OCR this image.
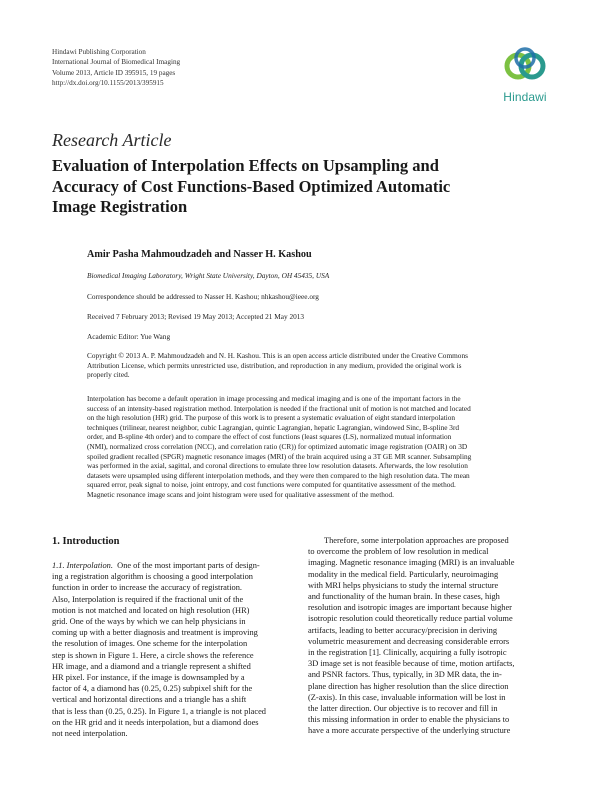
Hindawi Publishing Corporation
International Journal of Biomedical Imaging
Volume 2013, Article ID 395915, 19 pages
http://dx.doi.org/10.1155/2013/395915
Hindawi
Research Article
Evaluation of Interpolation Effects on Upsampling and
Accuracy of Cost Functions-Based Optimized Automatic
Image Registration
Amir Pasha Mahmoudzadeh and Nasser H. Kashou
Biomedical Imaging Laboratory, Wright State University, Dayton, OH 45435, USA
Correspondence should be addressed to Nasser H. Kashou; nhkashou@ieee.org
Received 7 February 2013; Revised 19 May 2013; Accepted 21 May 2013
Academic Editor: Yue Wang
Copyright © 2013 A. P. Mahmoudzadeh and N. H. Kashou. This is an open access article distributed under the Creative Commons
Attribution License, which permits unrestricted use, distribution, and reproduction in any medium, provided the original work is
properly cited.
Interpolation has become a default operation in image processing and medical imaging and is one of the important factors in the
success of an intensity-based registration method. Interpolation is needed if the fractional unit of motion is not matched and located
on the high resolution (HR) grid. The purpose of this work is to present a systematic evaluation of eight standard interpolation
techniques (trilinear, nearest neighbor, cubic Lagrangian, quintic Lagrangian, hepatic Lagrangian, windowed Sinc, B-spline 3rd
order, and B-spline 4th order) and to compare the effect of cost functions (least squares (LS), normalized mutual information
(NMI), normalized cross correlation (NCC), and correlation ratio (CR)) for optimized automatic image registration (OAIR) on 3D
spoiled gradient recalled (SPGR) magnetic resonance images (MRI) of the brain acquired using a 3T GE MR scanner. Subsampling
was performed in the axial, sagittal, and coronal directions to emulate three low resolution datasets. Afterwards, the low resolution
datasets were upsampled using different interpolation methods, and they were then compared to the high resolution data. The mean
squared error, peak signal to noise, joint entropy, and cost functions were computed for quantitative assessment of the method.
Magnetic resonance image scans and joint histogram were used for qualitative assessment of the method.
1. Introduction
1.1. Interpolation. One of the most important parts of design-
ing a registration algorithm is choosing a good interpolation
function in order to increase the accuracy of registration.
Also, Interpolation is required if the fractional unit of the
motion is not matched and located on high resolution (HR)
grid. One of the ways by which we can help physicians in
coming up with a better diagnosis and treatment is improving
the resolution of images. One scheme for the interpolation
step is shown in Figure 1. Here, a circle shows the reference
HR image, and a diamond and a triangle represent a shifted
HR pixel. For instance, if the image is downsampled by a
factor of 4, a diamond has (0.25, 0.25) subpixel shift for the
vertical and horizontal directions and a triangle has a shift
that is less than (0.25, 0.25). In Figure 1, a triangle is not placed
on the HR grid and it needs interpolation, but a diamond does
not need interpolation.
Therefore, some interpolation approaches are proposed
to overcome the problem of low resolution in medical
imaging. Magnetic resonance imaging (MRI) is an invaluable
modality in the medical field. Particularly, neuroimaging
with MRI helps physicians to study the internal structure
and functionality of the human brain. In these cases, high
resolution and isotropic images are important because higher
isotropic resolution could theoretically reduce partial volume
artifacts, leading to better accuracy/precision in deriving
volumetric measurement and decreasing considerable errors
in the registration [1]. Clinically, acquiring a fully isotropic
3D image set is not feasible because of time, motion artifacts,
and PSNR factors. Thus, typically, in 3D MR data, the in-
plane direction has higher resolution than the slice direction
(Z-axis). In this case, invaluable information will be lost in
the latter direction. Our objective is to recover and fill in
this missing information in order to enable the physicians to
have a more accurate perspective of the underlying structure
